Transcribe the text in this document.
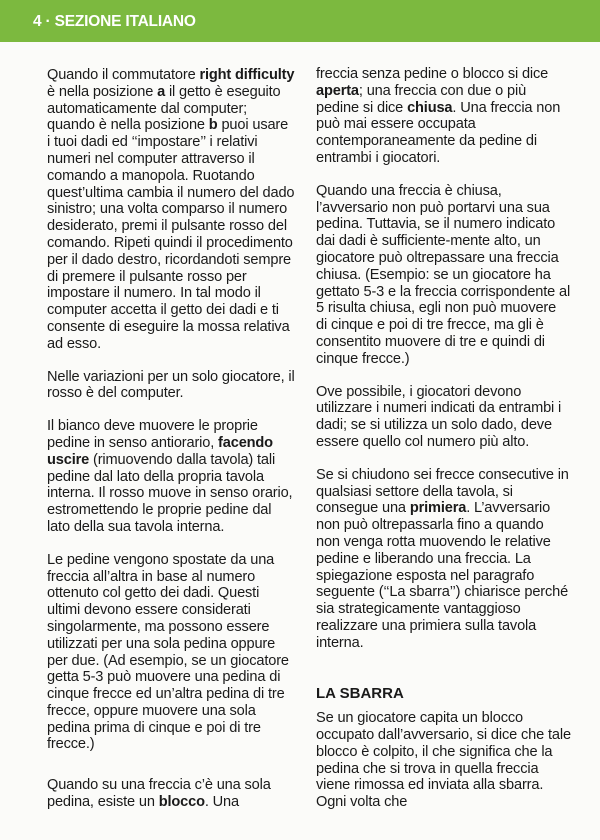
4 · SEZIONE ITALIANO

Quando il commutatore right difficulty è nella posizione a il getto è eseguito automaticamente dal computer; quando è nella posizione b puoi usare i tuoi dadi ed ‘‘impostare’’ i relativi numeri nel computer attraverso il comando a manopola. Ruotando quest’ultima cambia il numero del dado sinistro; una volta comparso il numero desiderato, premi il pulsante rosso del comando. Ripeti quindi il procedimento per il dado destro, ricordandoti sempre di premere il pulsante rosso per impostare il numero. In tal modo il computer accetta il getto dei dadi e ti consente di eseguire la mossa relativa ad esso.

Nelle variazioni per un solo giocatore, il rosso è del computer.

Il bianco deve muovere le proprie pedine in senso antiorario, facendo uscire (rimuovendo dalla tavola) tali pedine dal lato della propria tavola interna. Il rosso muove in senso orario, estromettendo le proprie pedine dal lato della sua tavola interna.

Le pedine vengono spostate da una freccia all’altra in base al numero ottenuto col getto dei dadi. Questi ultimi devono essere considerati singolarmente, ma possono essere utilizzati per una sola pedina oppure per due. (Ad esempio, se un giocatore getta 5-3 può muovere una pedina di cinque frecce ed un’altra pedina di tre frecce, oppure muovere una sola pedina prima di cinque e poi di tre frecce.)

Quando su una freccia c’è una sola pedina, esiste un blocco. Una

freccia senza pedine o blocco si dice aperta; una freccia con due o più pedine si dice chiusa. Una freccia non può mai essere occupata contemporaneamente da pedine di entrambi i giocatori.

Quando una freccia è chiusa, l’avversario non può portarvi una sua pedina. Tuttavia, se il numero indicato dai dadi è sufficiente-mente alto, un giocatore può oltrepassare una freccia chiusa. (Esempio: se un giocatore ha gettato 5-3 e la freccia corrispondente al 5 risulta chiusa, egli non può muovere di cinque e poi di tre frecce, ma gli è consentito muovere di tre e quindi di cinque frecce.)

Ove possibile, i giocatori devono utilizzare i numeri indicati da entrambi i dadi; se si utilizza un solo dado, deve essere quello col numero più alto.

Se si chiudono sei frecce consecutive in qualsiasi settore della tavola, si consegue una primiera. L’avversario non può oltrepassarla fino a quando non venga rotta muovendo le relative pedine e liberando una freccia. La spiegazione esposta nel paragrafo seguente (‘‘La sbarra’’) chiarisce perché sia strategicamente vantaggioso realizzare una primiera sulla tavola interna.

LA SBARRA

Se un giocatore capita un blocco occupato dall’avversario, si dice che tale blocco è colpito, il che significa che la pedina che si trova in quella freccia viene rimossa ed inviata alla sbarra. Ogni volta che
